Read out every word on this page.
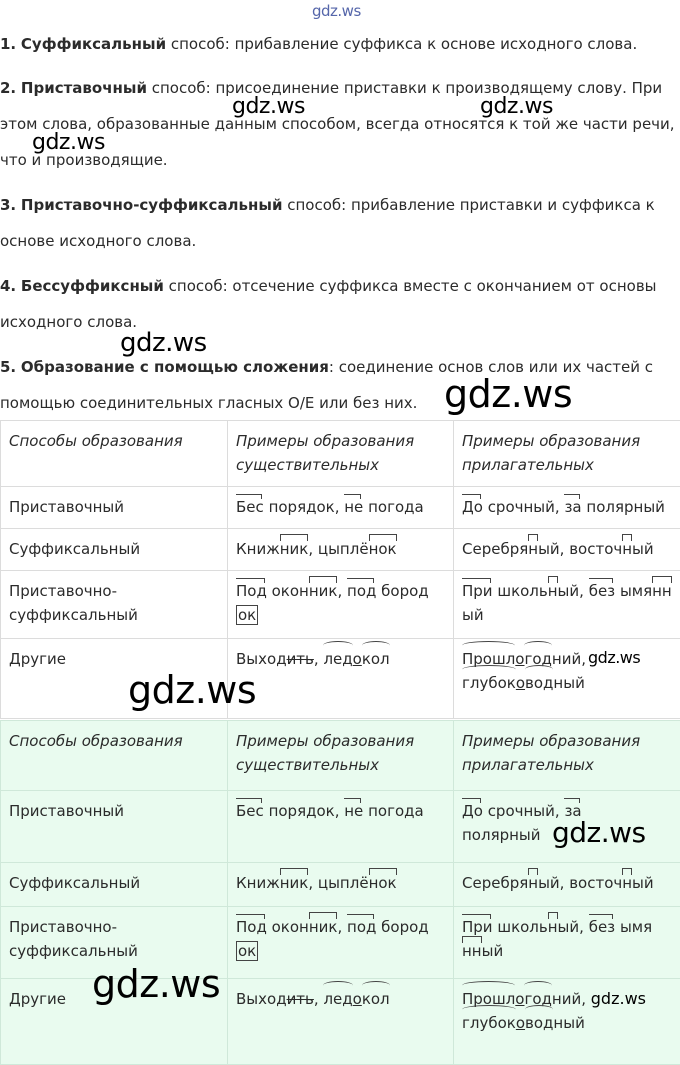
gdz.ws
gdz.ws	gdz.ws
gdz.ws
gdz.ws
gdz.ws

1. Суффиксальный способ: прибавление суффикса к основе исходного слова.

2. Приставочный способ: присоединение приставки к производящему слову. При этом слова, образованные данным способом, всегда относятся к той же части речи, что и производящие.

3. Приставочно-суффиксальный способ: прибавление приставки и суффикса к основе исходного слова.

4. Бессуффиксный способ: отсечение суффикса вместе с окончанием от основы исходного слова.

5. Образование с помощью сложения: соединение основ слов или их частей с помощью соединительных гласных О/Е или без них.

Способы образования	Примеры образования существительных	Примеры образования прилагательных
Приставочный	Бес порядок, не погода	До срочный, за полярный
Суффиксальный	Книжник, цыплёнок	Серебряный, восточный
Приставочно-суффиксальный	Под оконник, под бород ок	При школьный, без ымянный
Другие	Выходить, ледокол	Прошлогодний,
глубоководный
gdz.ws
gdz.ws
Способы образования	Примеры образования существительных	Примеры образования прилагательных
Приставочный	Бес порядок, не погода	До срочный, за
полярный
Суффиксальный	Книжник, цыплёнок	Серебряный, восточный
Приставочно-суффиксальный	Под оконник, под бород ок	При школьный, без ымя
нный
Другие	Выходить, ледокол	Прошлогодний, gdz.ws
глубоководный
gdz.ws
gdz.ws
